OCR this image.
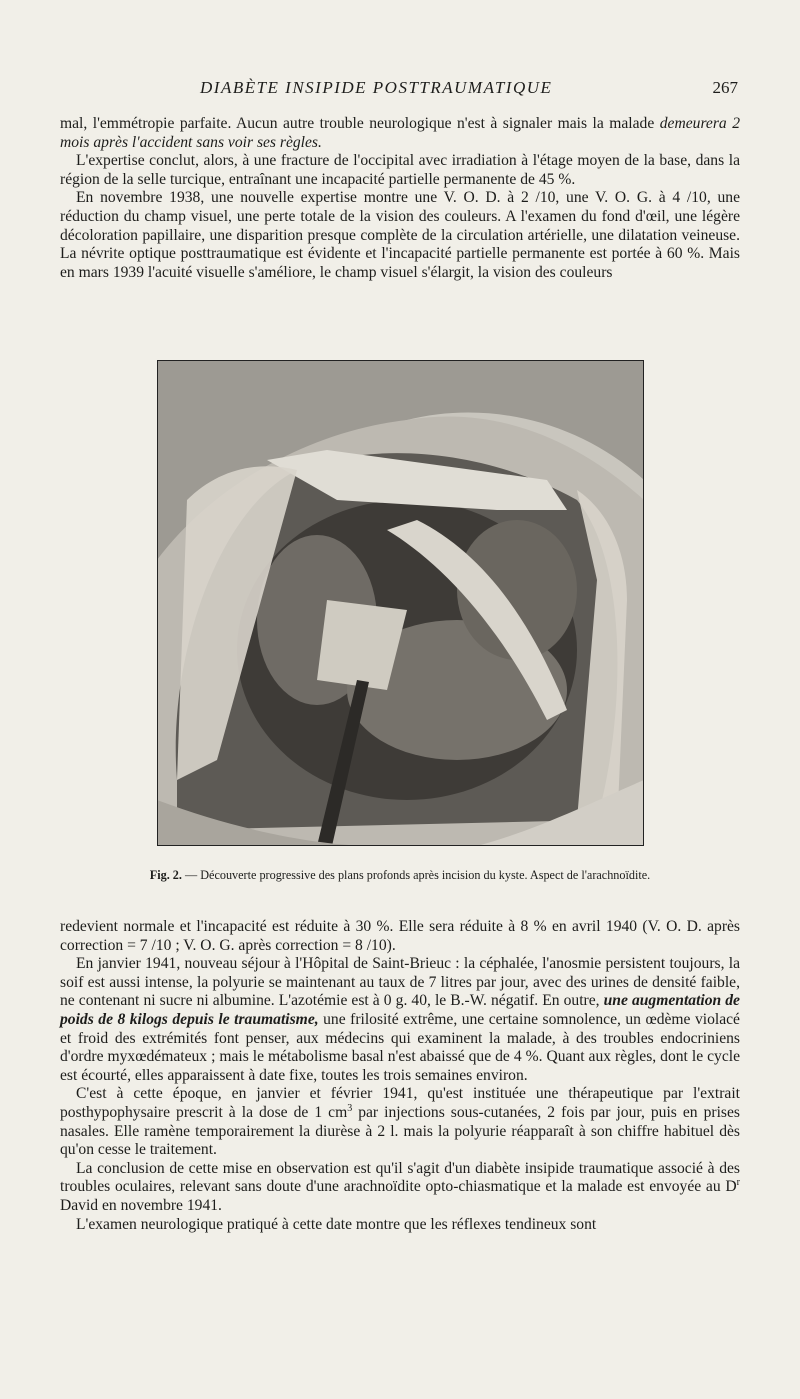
DIABÈTE INSIPIDE POSTTRAUMATIQUE	267

mal, l'emmétropie parfaite. Aucun autre trouble neurologique n'est à signaler mais la malade demeurera 2 mois après l'accident sans voir ses règles.

L'expertise conclut, alors, à une fracture de l'occipital avec irradiation à l'étage moyen de la base, dans la région de la selle turcique, entraînant une incapacité partielle permanente de 45 %.

En novembre 1938, une nouvelle expertise montre une V. O. D. à 2 /10, une V. O. G. à 4 /10, une réduction du champ visuel, une perte totale de la vision des couleurs. A l'examen du fond d'œil, une légère décoloration papillaire, une disparition presque complète de la circulation artérielle, une dilatation veineuse. La névrite optique posttraumatique est évidente et l'incapacité partielle permanente est portée à 60 %. Mais en mars 1939 l'acuité visuelle s'améliore, le champ visuel s'élargit, la vision des couleurs

Fig. 2. — Découverte progressive des plans profonds après incision du kyste. Aspect de l'arachnoïdite.

redevient normale et l'incapacité est réduite à 30 %. Elle sera réduite à 8 % en avril 1940 (V. O. D. après correction = 7 /10 ; V. O. G. après correction = 8 /10).

En janvier 1941, nouveau séjour à l'Hôpital de Saint-Brieuc : la céphalée, l'anosmie persistent toujours, la soif est aussi intense, la polyurie se maintenant au taux de 7 litres par jour, avec des urines de densité faible, ne contenant ni sucre ni albumine. L'azotémie est à 0 g. 40, le B.-W. négatif. En outre, une augmentation de poids de 8 kilogs depuis le traumatisme, une frilosité extrême, une certaine somnolence, un œdème violacé et froid des extrémités font penser, aux médecins qui examinent la malade, à des troubles endocriniens d'ordre myxœdémateux ; mais le métabolisme basal n'est abaissé que de 4 %. Quant aux règles, dont le cycle est écourté, elles apparaissent à date fixe, toutes les trois semaines environ.

C'est à cette époque, en janvier et février 1941, qu'est instituée une thérapeutique par l'extrait posthypophysaire prescrit à la dose de 1 $cm^3$ par injections sous-cutanées, 2 fois par jour, puis en prises nasales. Elle ramène temporairement la diurèse à 2 l. mais la polyurie réapparaît à son chiffre habituel dès qu'on cesse le traitement.

La conclusion de cette mise en observation est qu'il s'agit d'un diabète insipide traumatique associé à des troubles oculaires, relevant sans doute d'une arachnoïdite opto-chiasmatique et la malade est envoyée au $D^r$ David en novembre 1941.

L'examen neurologique pratiqué à cette date montre que les réflexes tendineux sont
